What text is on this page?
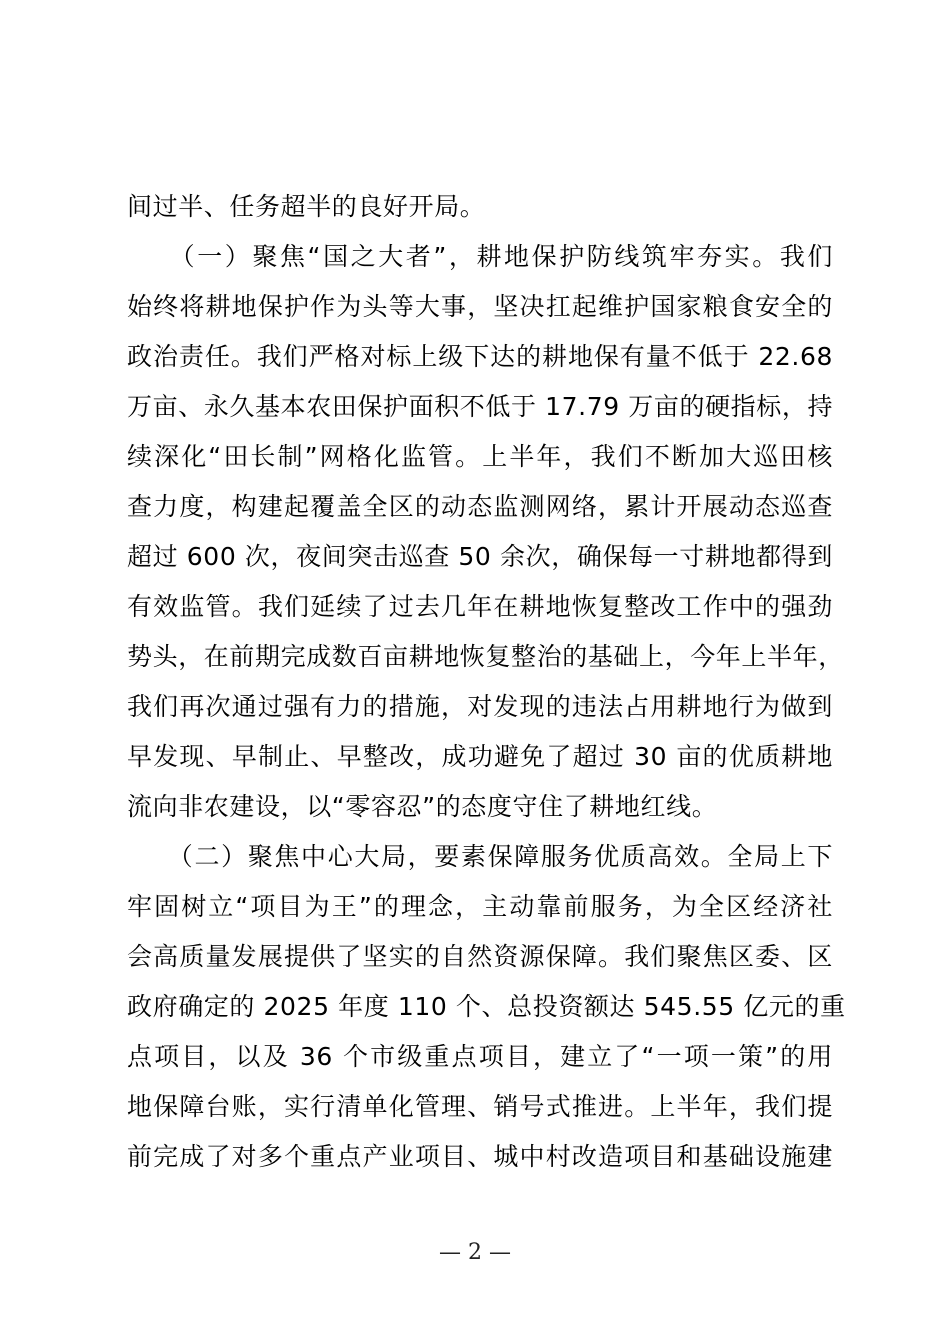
间过半、任务超半的良好开局。
　　（一）聚焦“国之大者”，耕地保护防线筑牢夯实。我们
始终将耕地保护作为头等大事，坚决扛起维护国家粮食安全的
政治责任。我们严格对标上级下达的耕地保有量不低于 22.68
万亩、永久基本农田保护面积不低于 17.79 万亩的硬指标，持
续深化“田长制”网格化监管。上半年，我们不断加大巡田核
查力度，构建起覆盖全区的动态监测网络，累计开展动态巡查
超过 600 次，夜间突击巡查 50 余次，确保每一寸耕地都得到
有效监管。我们延续了过去几年在耕地恢复整改工作中的强劲
势头，在前期完成数百亩耕地恢复整治的基础上，今年上半年，
我们再次通过强有力的措施，对发现的违法占用耕地行为做到
早发现、早制止、早整改，成功避免了超过 30 亩的优质耕地
流向非农建设，以“零容忍”的态度守住了耕地红线。
　　（二）聚焦中心大局，要素保障服务优质高效。全局上下
牢固树立“项目为王”的理念，主动靠前服务，为全区经济社
会高质量发展提供了坚实的自然资源保障。我们聚焦区委、区
政府确定的 2025 年度 110 个、总投资额达 545.55 亿元的重
点项目，以及 36 个市级重点项目，建立了“一项一策”的用
地保障台账，实行清单化管理、销号式推进。上半年，我们提
前完成了对多个重点产业项目、城中村改造项目和基础设施建
— 2 —
